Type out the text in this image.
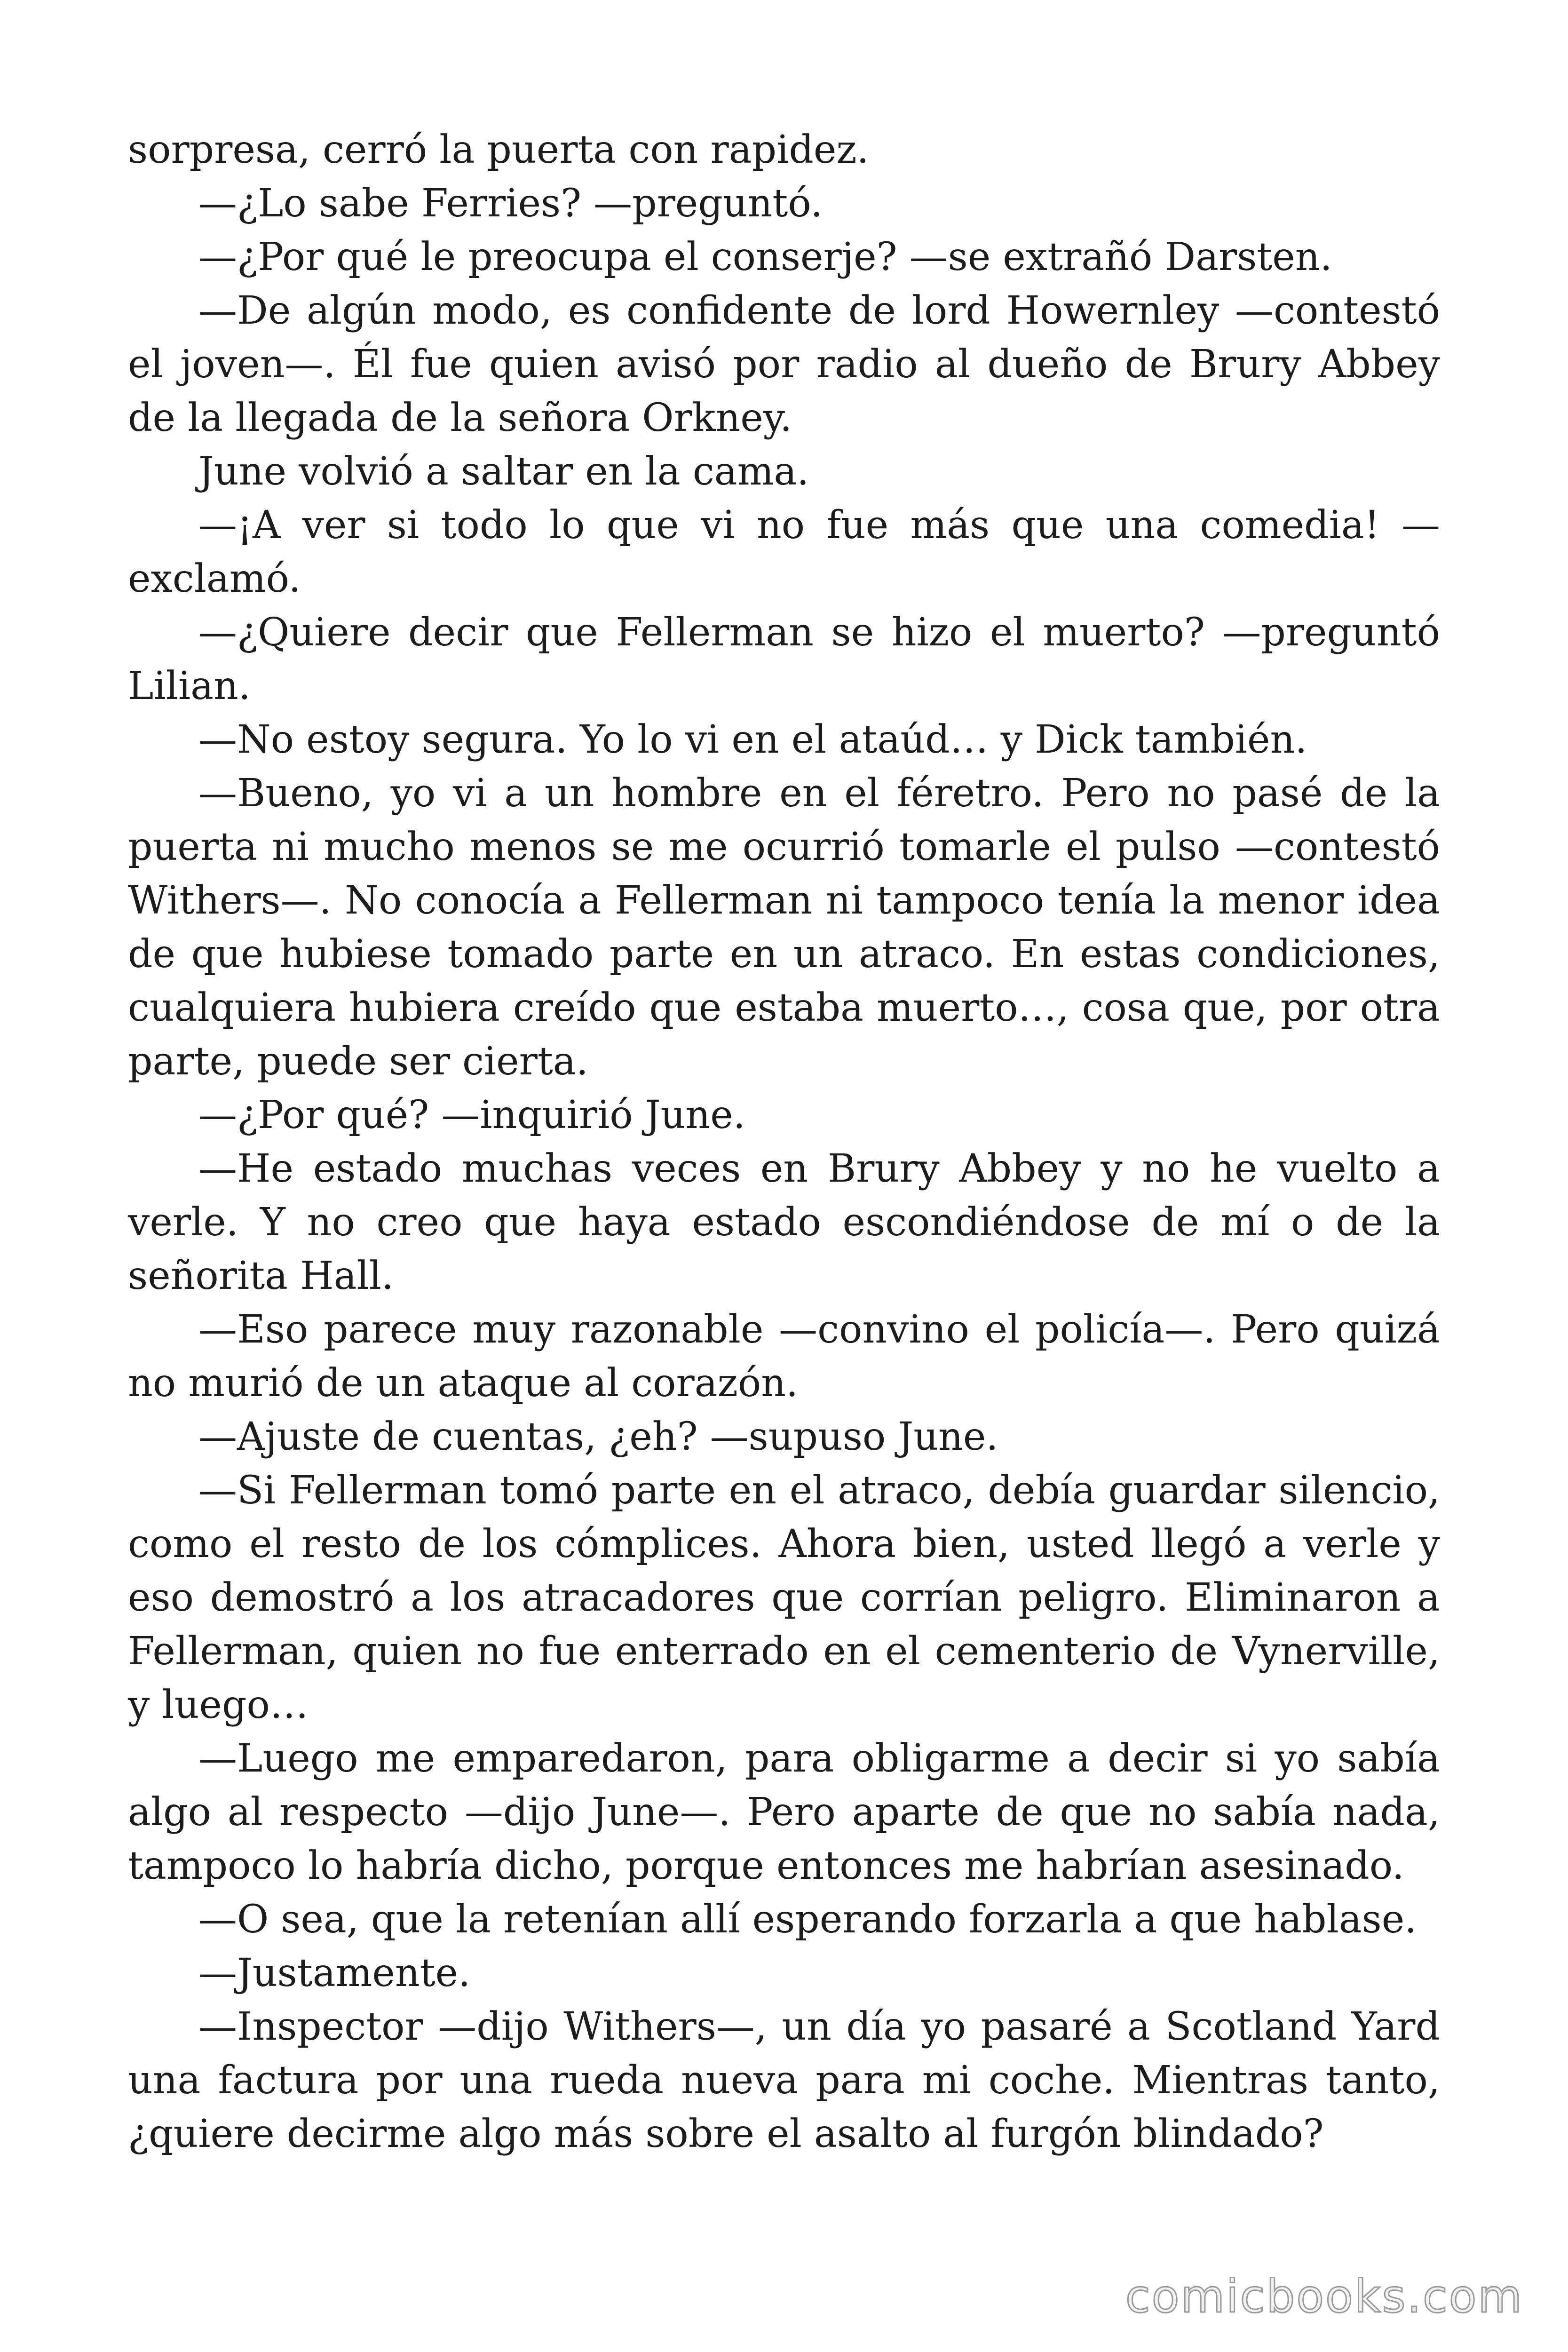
sorpresa, cerró la puerta con rapidez.

—¿Lo sabe Ferries? —preguntó.

—¿Por qué le preocupa el conserje? —se extrañó Darsten.

—De algún modo, es confidente de lord Howernley —contestó el joven—. Él fue quien avisó por radio al dueño de Brury Abbey de la llegada de la señora Orkney.

June volvió a saltar en la cama.

—¡A ver si todo lo que vi no fue más que una comedia! —exclamó.

—¿Quiere decir que Fellerman se hizo el muerto? —preguntó Lilian.

—No estoy segura. Yo lo vi en el ataúd… y Dick también.

—Bueno, yo vi a un hombre en el féretro. Pero no pasé de la puerta ni mucho menos se me ocurrió tomarle el pulso —contestó Withers—. No conocía a Fellerman ni tampoco tenía la menor idea de que hubiese tomado parte en un atraco. En estas condiciones, cualquiera hubiera creído que estaba muerto…, cosa que, por otra parte, puede ser cierta.

—¿Por qué? —inquirió June.

—He estado muchas veces en Brury Abbey y no he vuelto a verle. Y no creo que haya estado escondiéndose de mí o de la señorita Hall.

—Eso parece muy razonable —convino el policía—. Pero quizá no murió de un ataque al corazón.

—Ajuste de cuentas, ¿eh? —supuso June.

—Si Fellerman tomó parte en el atraco, debía guardar silencio, como el resto de los cómplices. Ahora bien, usted llegó a verle y eso demostró a los atracadores que corrían peligro. Eliminaron a Fellerman, quien no fue enterrado en el cementerio de Vynerville, y luego…

—Luego me emparedaron, para obligarme a decir si yo sabía algo al respecto —dijo June—. Pero aparte de que no sabía nada, tampoco lo habría dicho, porque entonces me habrían asesinado.

—O sea, que la retenían allí esperando forzarla a que hablase.

—Justamente.

—Inspector —dijo Withers—, un día yo pasaré a Scotland Yard una factura por una rueda nueva para mi coche. Mientras tanto, ¿quiere decirme algo más sobre el asalto al furgón blindado?

comicbooks.com
